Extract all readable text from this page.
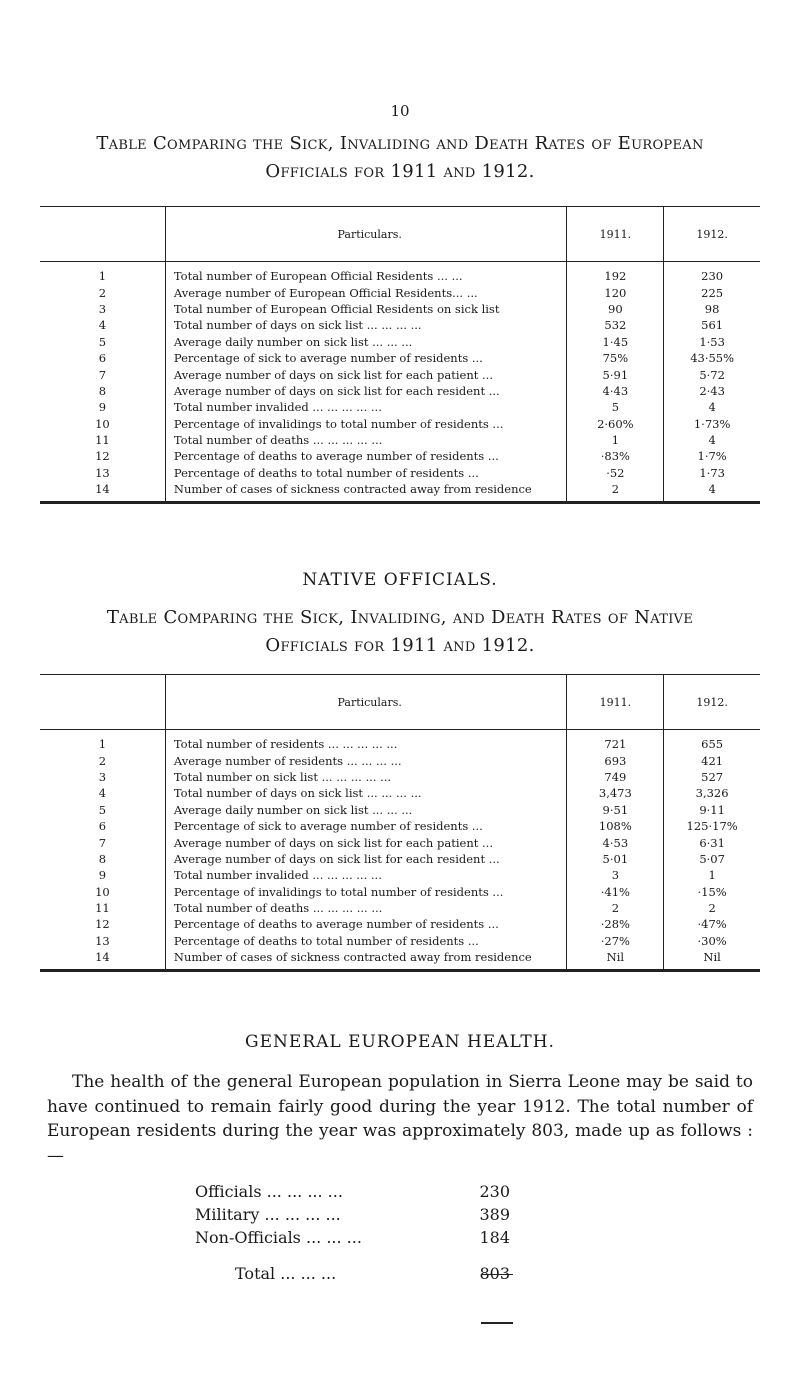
10
Table Comparing the Sick, Invaliding and Death Rates of European
Officials for 1911 and 1912.
	Particulars.	1911.	1912.
1	Total number of European Official Residents ... ...	192	230
2	Average number of European Official Residents... ...	120	225
3	Total number of European Official Residents on sick list	90	98
4	Total number of days on sick list ... ... ... ...	532	561
5	Average daily number on sick list ... ... ...	1·45	1·53
6	Percentage of sick to average number of residents ...	75%	43·55%
7	Average number of days on sick list for each patient ...	5·91	5·72
8	Average number of days on sick list for each resident ...	4·43	2·43
9	Total number invalided ... ... ... ... ...	5	4
10	Percentage of invalidings to total number of residents ...	2·60%	1·73%
11	Total number of deaths ... ... ... ... ...	1	4
12	Percentage of deaths to average number of residents ...	·83%	1·7%
13	Percentage of deaths to total number of residents ...	·52	1·73
14	Number of cases of sickness contracted away from residence	2	4
NATIVE OFFICIALS.
Table Comparing the Sick, Invaliding, and Death Rates of Native
Officials for 1911 and 1912.
	Particulars.	1911.	1912.
1	Total number of residents ... ... ... ... ...	721	655
2	Average number of residents ... ... ... ...	693	421
3	Total number on sick list ... ... ... ... ...	749	527
4	Total number of days on sick list ... ... ... ...	3,473	3,326
5	Average daily number on sick list ... ... ...	9·51	9·11
6	Percentage of sick to average number of residents ...	108%	125·17%
7	Average number of days on sick list for each patient ...	4·53	6·31
8	Average number of days on sick list for each resident ...	5·01	5·07
9	Total number invalided ... ... ... ... ...	3	1
10	Percentage of invalidings to total number of residents ...	·41%	·15%
11	Total number of deaths ... ... ... ... ...	2	2
12	Percentage of deaths to average number of residents ...	·28%	·47%
13	Percentage of deaths to total number of residents ...	·27%	·30%
14	Number of cases of sickness contracted away from residence	Nil	Nil
GENERAL EUROPEAN HEALTH.

The health of the general European population in Sierra Leone may be said to have continued to remain fairly good during the year 1912. The total number of European residents during the year was approximately 803, made up as follows :—

Officials ... ... ... ...	230
Military ... ... ... ...	389
Non-Officials ... ... ...	184
Total ... ... ...	803
